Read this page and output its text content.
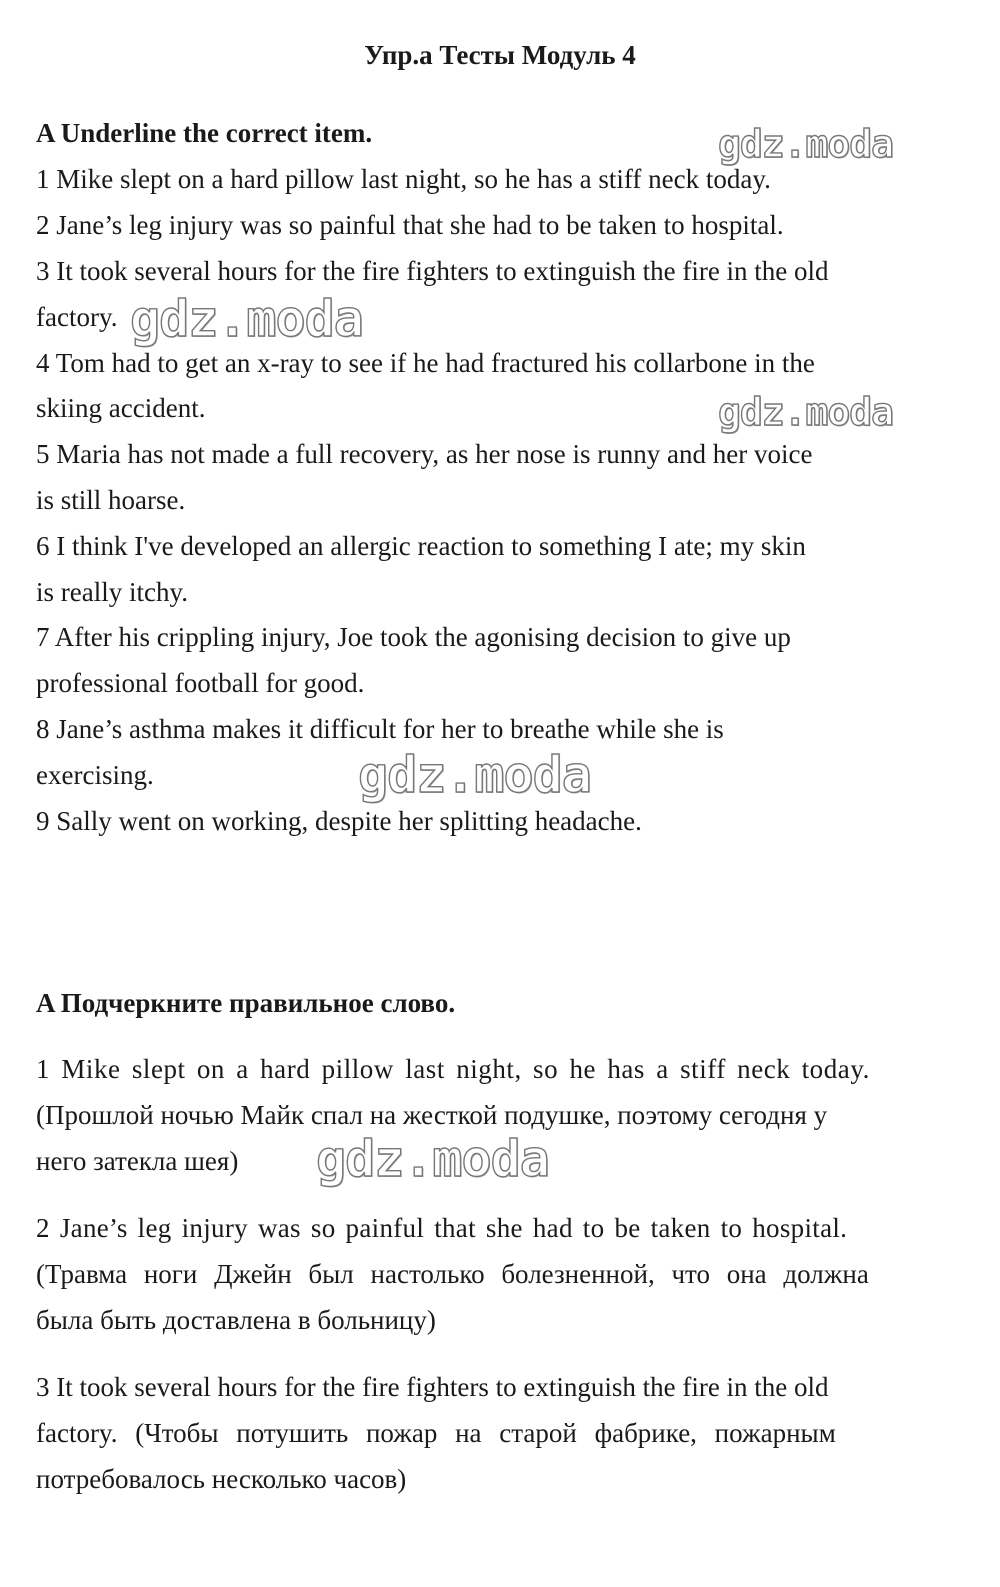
Упр.а Тесты Модуль 4
A Underline the correct item.
1 Mike slept on a hard pillow last night, so he has a stiff neck today.
2 Jane’s leg injury was so painful that she had to be taken to hospital.
3 It took several hours for the fire fighters to extinguish the fire in the old
factory.
4 Tom had to get an x-ray to see if he had fractured his collarbone in the
skiing accident.
5 Maria has not made a full recovery, as her nose is runny and her voice
is still hoarse.
6 I think I've developed an allergic reaction to something I ate; my skin
is really itchy.
7 After his crippling injury, Joe took the agonising decision to give up
professional football for good.
8 Jane’s asthma makes it difficult for her to breathe while she is
exercising.
9 Sally went on working, despite her splitting headache.
A Подчеркните правильное слово.
1 Mike slept on a hard pillow last night, so he has a stiff neck today.
(Прошлой ночью Майк спал на жесткой подушке, поэтому сегодня у
него затекла шея)
2 Jane’s leg injury was so painful that she had to be taken to hospital.
(Травма ноги Джейн был настолько болезненной, что она должна
была быть доставлена в больницу)
3 It took several hours for the fire fighters to extinguish the fire in the old
factory. (Чтобы потушить пожар на старой фабрике, пожарным
потребовалось несколько часов)
gdz.moda
gdz.moda
gdz.moda
gdz.moda
gdz.moda
